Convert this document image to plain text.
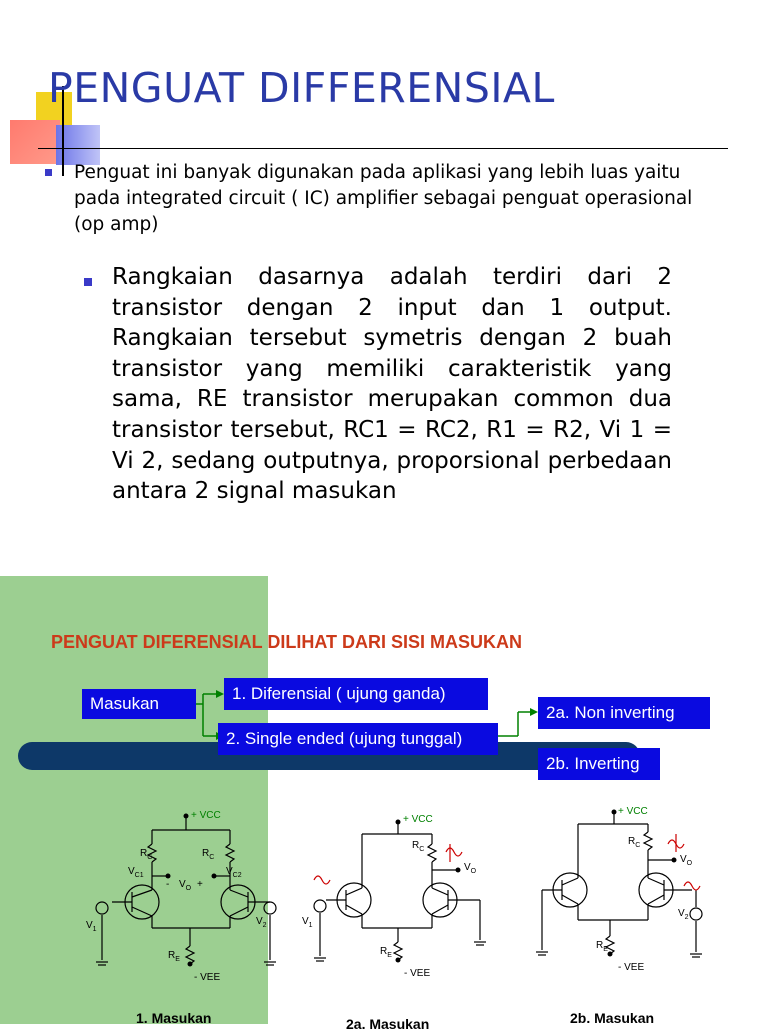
PENGUAT DIFFERENSIAL
Penguat ini banyak digunakan pada aplikasi yang lebih luas yaitu pada integrated circuit ( IC) amplifier sebagai penguat operasional (op amp)
Rangkaian dasarnya adalah terdiri dari 2 transistor dengan 2 input dan 1 output. Rangkaian tersebut symetris dengan 2 buah transistor yang memiliki carakteristik yang sama, RE transistor merupakan common dua transistor tersebut, RC1 = RC2, R1 = R2, Vi 1 = Vi 2, sedang outputnya, proporsional perbedaan antara 2 signal masukan
PENGUAT DIFERENSIAL DILIHAT DARI SISI MASUKAN
Masukan
1. Diferensial ( ujung ganda)
2. Single ended (ujung tunggal)
2a. Non inverting
2b. Inverting
+ VCC
$R_C$	$R_C$
$V_{C1}$	$V_{C2}$
- $V_O$ +
$V_1$
$V_2$
$R_E$
- VEE
+ VCC
$R_C$
$V_O$
$V_1$
$R_E$
- VEE
+ VCC
$R_C$
$V_O$
$V_2$
$R_E$
- VEE
1. Masukan	2a. Masukan	2b. Masukan
